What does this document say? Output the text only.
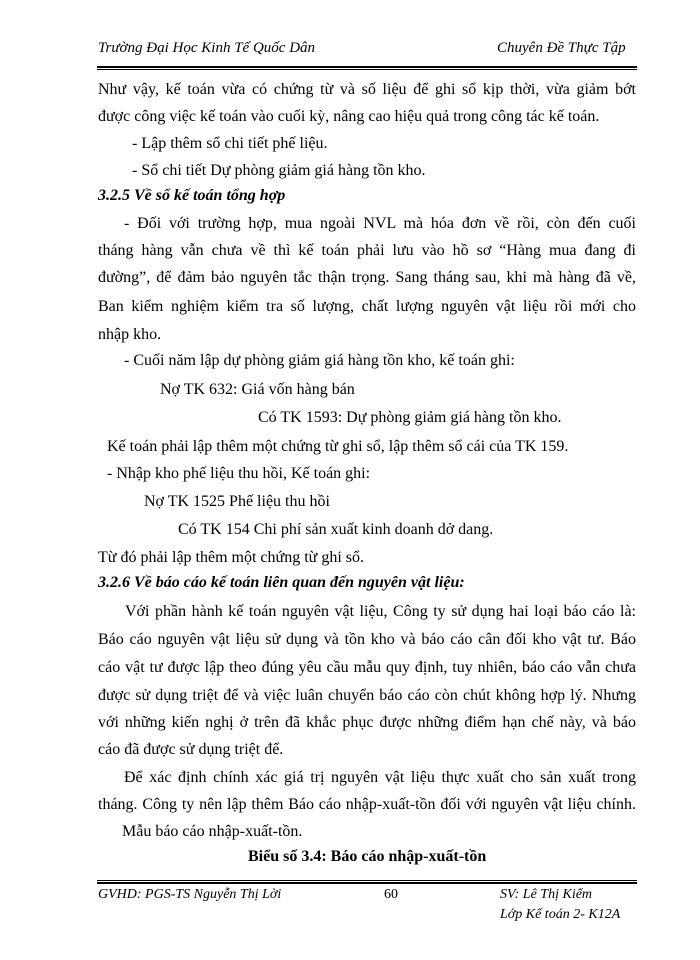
Trường Đại Học Kinh Tế Quốc Dân	Chuyên Đề Thực Tập
Như vậy, kế toán vừa có chứng từ và số liệu để ghi sổ kịp thời, vừa giảm bớt
được công việc kế toán vào cuối kỳ, nâng cao hiệu quả trong công tác kế toán.
- Lập thêm sổ chi tiết phế liệu.
- Sổ chi tiết Dự phòng giảm giá hàng tồn kho.
3.2.5 Về sổ kế toán tổng hợp
- Đối với trường hợp, mua ngoài NVL mà hóa đơn về rồi, còn đến cuối
tháng hàng vẫn chưa về thì kế toán phải lưu vào hồ sơ “Hàng mua đang đi
đường”, để đảm bảo nguyên tắc thận trọng. Sang tháng sau, khi mà hàng đã về,
Ban kiểm nghiệm kiểm tra số lượng, chất lượng nguyên vật liệu rồi mới cho
nhập kho.
- Cuối năm lập dự phòng giảm giá hàng tồn kho, kế toán ghi:
Nợ TK 632: Giá vốn hàng bán
Có TK 1593: Dự phòng giảm giá hàng tồn kho.
Kế toán phải lập thêm một chứng từ ghi sổ, lập thêm sổ cái của TK 159.
- Nhập kho phế liệu thu hồi, Kế toán ghi:
Nợ TK 1525 Phế liệu thu hồi
Có TK 154 Chi phí sản xuất kinh doanh dở dang.
Từ đó phải lập thêm một chứng từ ghi sổ.
3.2.6 Về báo cáo kế toán liên quan đến nguyên vật liệu:
Với phần hành kế toán nguyên vật liệu, Công ty sử dụng hai loại báo cáo là:
Báo cáo nguyên vật liệu sử dụng và tồn kho và báo cáo cân đối kho vật tư. Báo
cáo vật tư được lập theo đúng yêu cầu mẫu quy định, tuy nhiên, báo cáo vẫn chưa
được sử dụng triệt để và việc luân chuyển báo cáo còn chút không hợp lý. Nhưng
với những kiến nghị ở trên đã khắc phục được những điểm hạn chế này, và báo
cáo đã được sử dụng triệt để.
Để xác định chính xác giá trị nguyên vật liệu thực xuất cho sản xuất trong
tháng. Công ty nên lập thêm Báo cáo nhập-xuất-tồn đối với nguyên vật liệu chính.
Mẫu báo cáo nhập-xuất-tồn.
Biểu số 3.4: Báo cáo nhập-xuất-tồn
GVHD: PGS-TS Nguyễn Thị Lời	60	SV: Lê Thị Kiểm
Lớp Kế toán 2- K12A
